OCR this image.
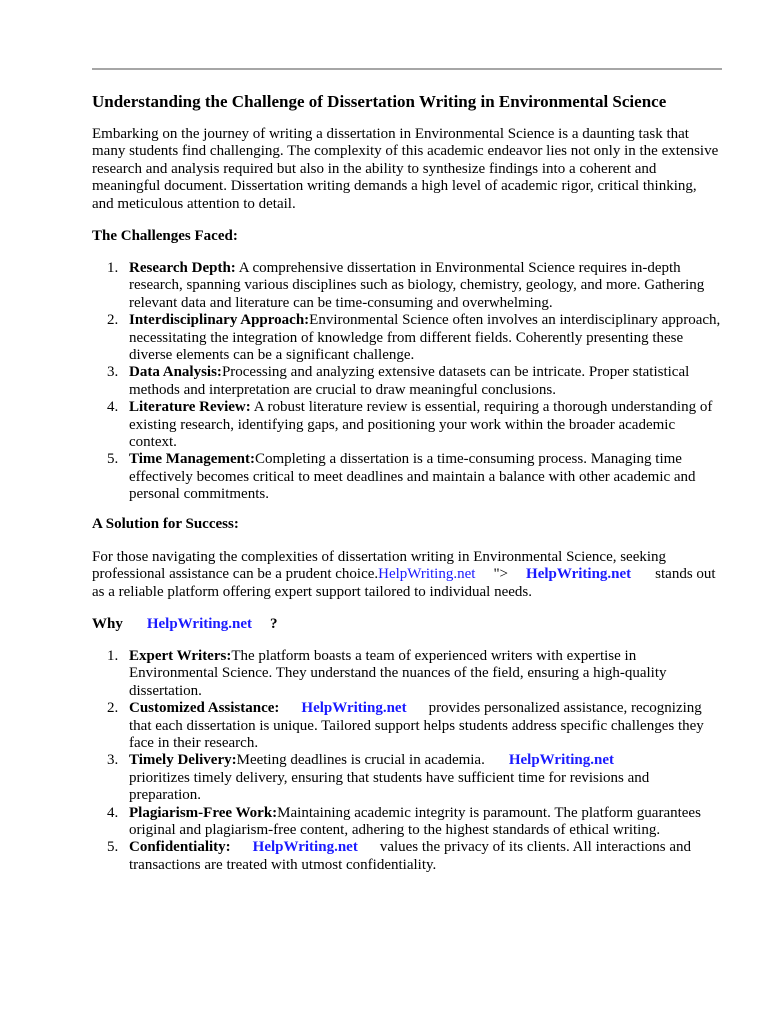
Understanding the Challenge of Dissertation Writing in Environmental Science

Embarking on the journey of writing a dissertation in Environmental Science is a daunting task that many students find challenging. The complexity of this academic endeavor lies not only in the extensive research and analysis required but also in the ability to synthesize findings into a coherent and meaningful document. Dissertation writing demands a high level of academic rigor, critical thinking, and meticulous attention to detail.

The Challenges Faced:
1. Research Depth: A comprehensive dissertation in Environmental Science requires in-depth research, spanning various disciplines such as biology, chemistry, geology, and more. Gathering relevant data and literature can be time-consuming and overwhelming.
2. Interdisciplinary Approach:Environmental Science often involves an interdisciplinary approach, necessitating the integration of knowledge from different fields. Coherently presenting these diverse elements can be a significant challenge.
3. Data Analysis:Processing and analyzing extensive datasets can be intricate. Proper statistical methods and interpretation are crucial to draw meaningful conclusions.
4. Literature Review: A robust literature review is essential, requiring a thorough understanding of existing research, identifying gaps, and positioning your work within the broader academic context.
5. Time Management:Completing a dissertation is a time-consuming process. Managing time effectively becomes critical to meet deadlines and maintain a balance with other academic and personal commitments.
A Solution for Success:

For those navigating the complexities of dissertation writing in Environmental Science, seeking professional assistance can be a prudent choice.HelpWriting.net "> HelpWriting.net stands out as a reliable platform offering expert support tailored to individual needs.

Why HelpWriting.net ?
1. Expert Writers:The platform boasts a team of experienced writers with expertise in Environmental Science. They understand the nuances of the field, ensuring a high-quality dissertation.
2. Customized Assistance: HelpWriting.net provides personalized assistance, recognizing that each dissertation is unique. Tailored support helps students address specific challenges they face in their research.
3. Timely Delivery:Meeting deadlines is crucial in academia. HelpWriting.netprioritizes timely delivery, ensuring that students have sufficient time for revisions and preparation.
4. Plagiarism-Free Work:Maintaining academic integrity is paramount. The platform guarantees original and plagiarism-free content, adhering to the highest standards of ethical writing.
5. Confidentiality: HelpWriting.net values the privacy of its clients. All interactions and transactions are treated with utmost confidentiality.
